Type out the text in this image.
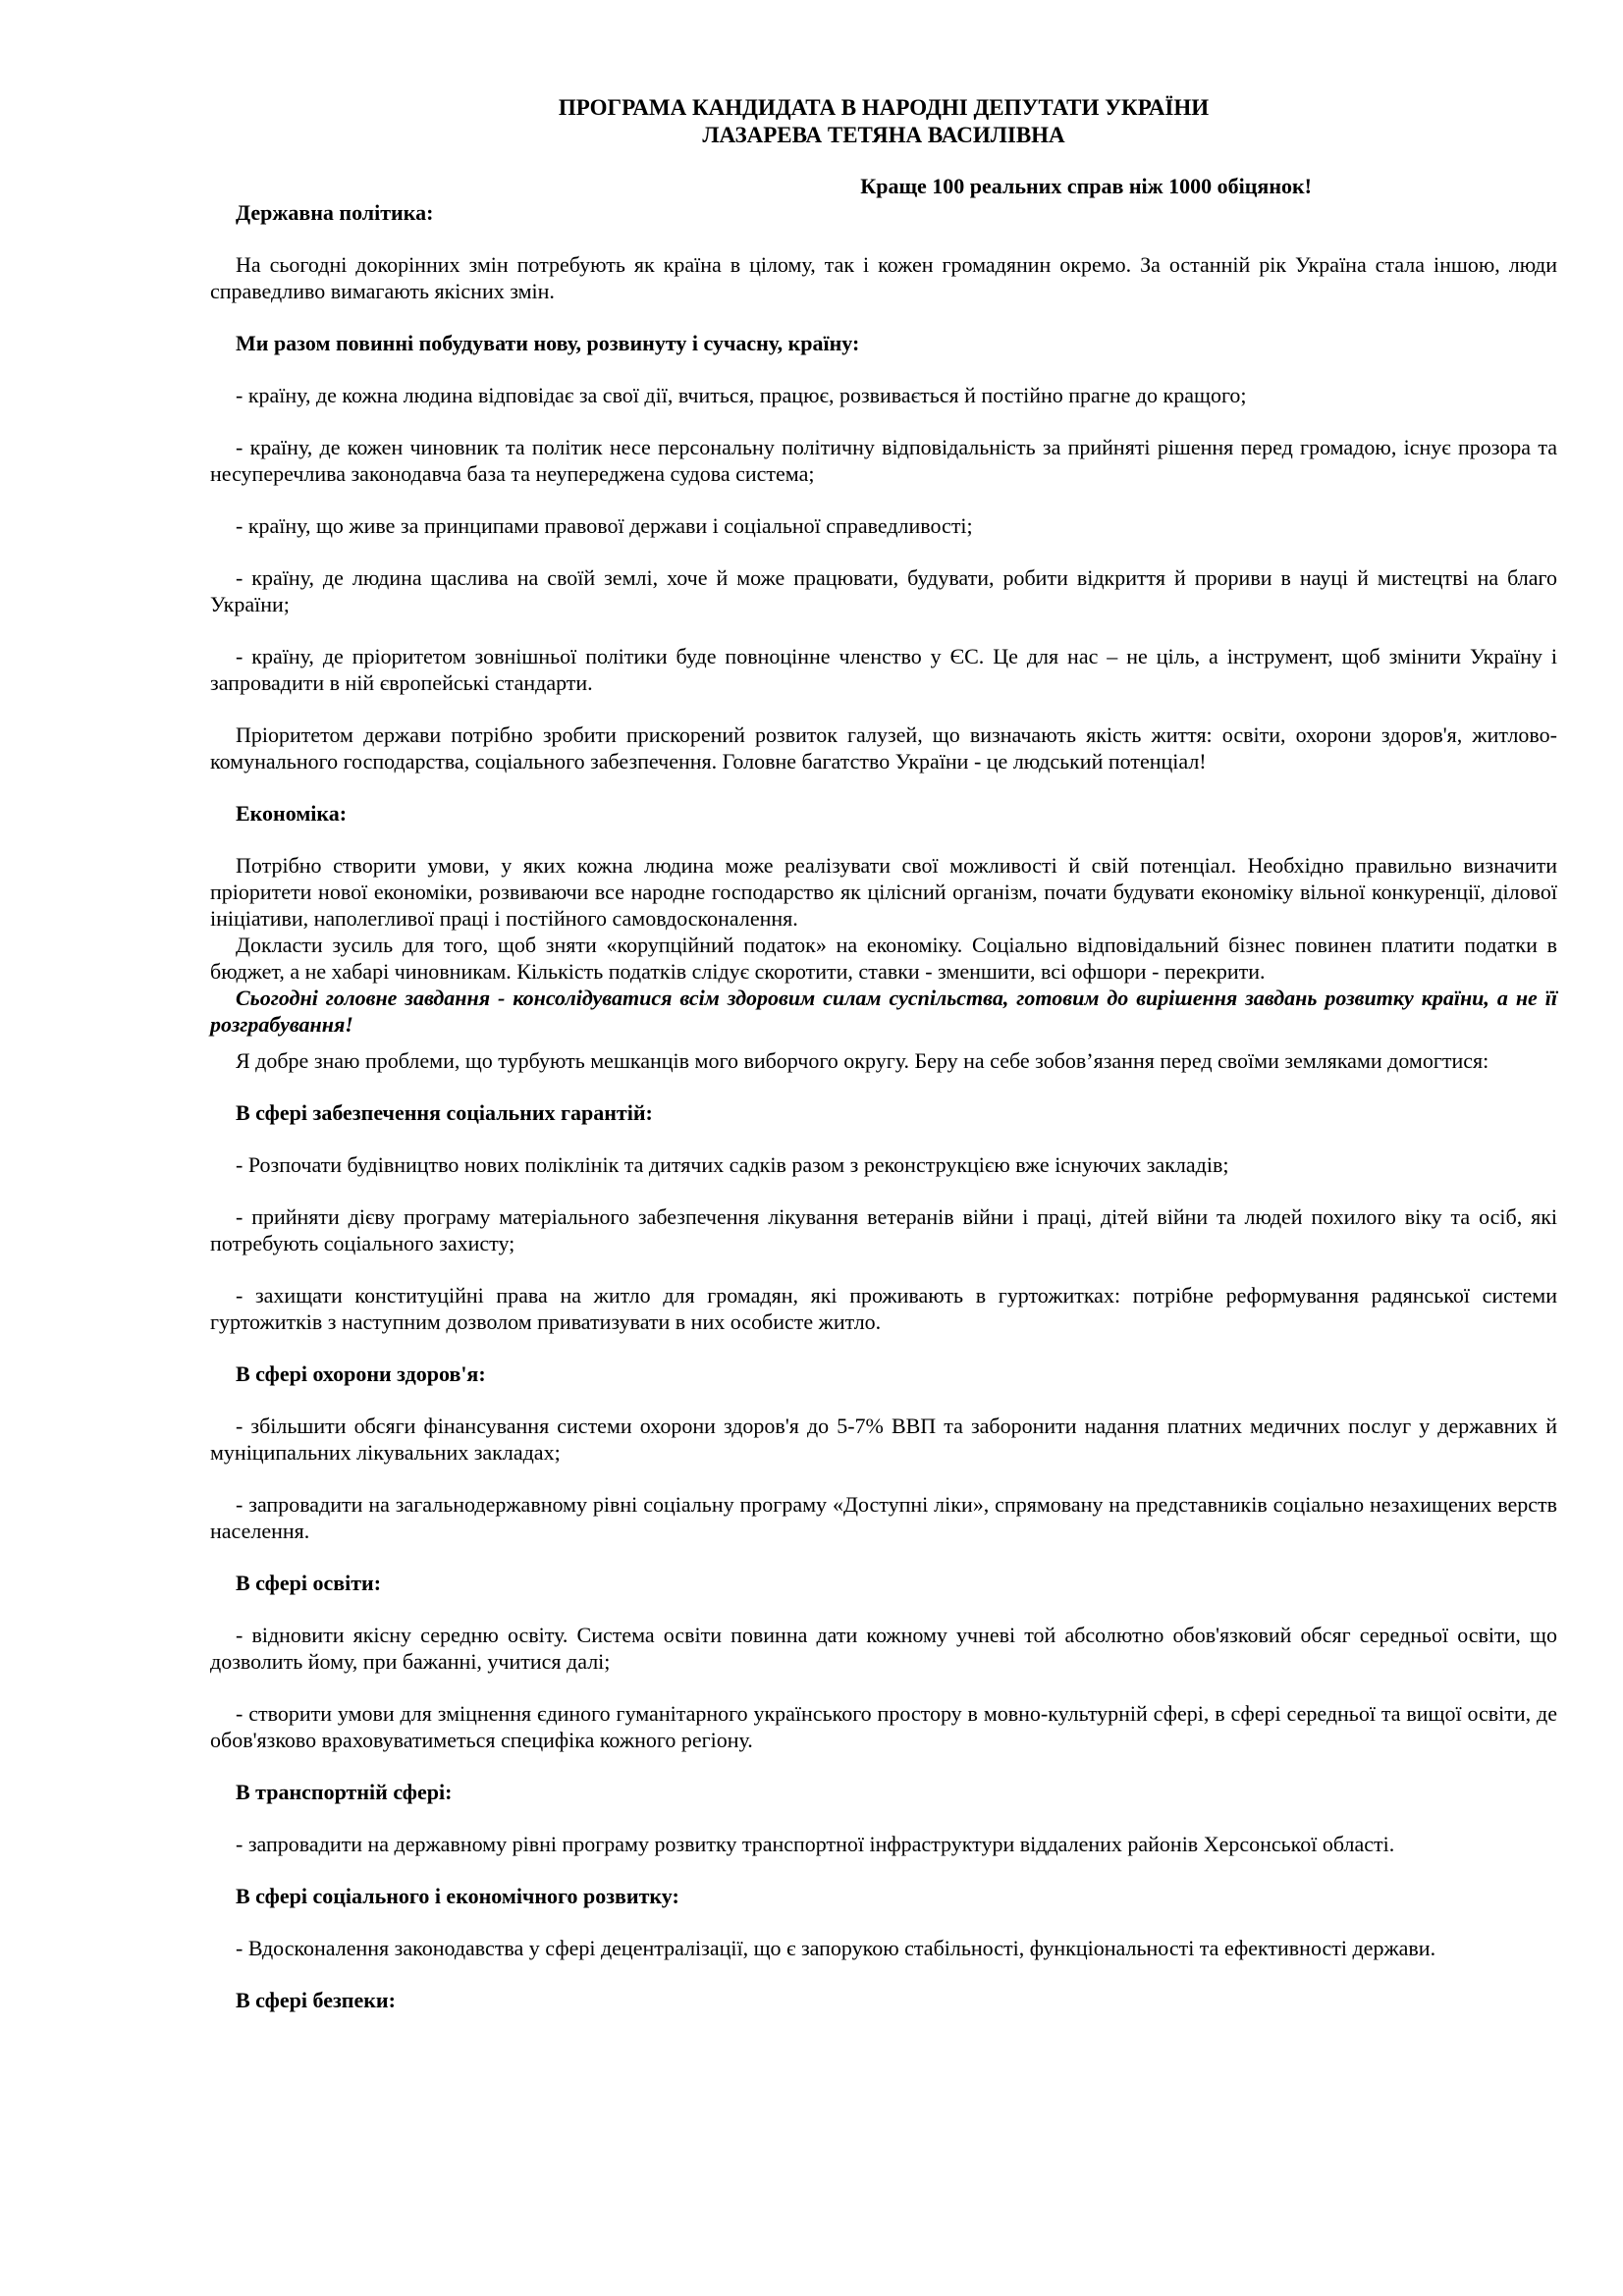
ПРОГРАМА КАНДИДАТА В НАРОДНІ ДЕПУТАТИ УКРАЇНИ

ЛАЗАРЕВА ТЕТЯНА ВАСИЛІВНА

Краще 100 реальних справ ніж 1000 обіцянок!

Державна політика:

На сьогодні докорінних змін потребують як країна в цілому, так і кожен громадянин окремо. За останній рік Україна стала іншою, люди справедливо вимагають якісних змін.

Ми разом повинні побудувати нову, розвинуту і сучасну, країну:

- країну, де кожна людина відповідає за свої дії, вчиться, працює, розвивається й постійно прагне до кращого;

- країну, де кожен чиновник та політик несе персональну політичну відповідальність за прийняті рішення перед громадою, існує прозора та несуперечлива законодавча база та неупереджена судова система;

- країну, що живе за принципами правової держави і соціальної справедливості;

- країну, де людина щаслива на своїй землі, хоче й може працювати, будувати, робити відкриття й прориви в науці й мистецтві на благо України;

- країну, де пріоритетом зовнішньої політики буде повноцінне членство у ЄС. Це для нас – не ціль, а інструмент, щоб змінити Україну і запровадити в ній європейські стандарти.

Пріоритетом держави потрібно зробити прискорений розвиток галузей, що визначають якість життя: освіти, охорони здоров'я, житлово-комунального господарства, соціального забезпечення. Головне багатство України - це людський потенціал!

Економіка:

Потрібно створити умови, у яких кожна людина може реалізувати свої можливості й свій потенціал. Необхідно правильно визначити пріоритети нової економіки, розвиваючи все народне господарство як цілісний організм, почати будувати економіку вільної конкуренції, ділової ініціативи, наполегливої праці і постійного самовдосконалення.

Докласти зусиль для того, щоб зняти «корупційний податок» на економіку. Соціально відповідальний бізнес повинен платити податки в бюджет, а не хабарі чиновникам. Кількість податків слідує скоротити, ставки - зменшити, всі офшори - перекрити.

Сьогодні головне завдання - консолідуватися всім здоровим силам суспільства, готовим до вирішення завдань розвитку країни, а не її розграбування!

Я добре знаю проблеми, що турбують мешканців мого виборчого округу. Беру на себе зобов’язання перед своїми земляками домогтися:

В сфері забезпечення соціальних гарантій:

- Розпочати будівництво нових поліклінік та дитячих садків разом з реконструкцією вже існуючих закладів;

- прийняти дієву програму матеріального забезпечення лікування ветеранів війни і праці, дітей війни та людей похилого віку та осіб, які потребують соціального захисту;

- захищати конституційні права на житло для громадян, які проживають в гуртожитках: потрібне реформування радянської системи гуртожитків з наступним дозволом приватизувати в них особисте житло.

В сфері охорони здоров'я:

- збільшити обсяги фінансування системи охорони здоров'я до 5-7% ВВП та заборонити надання платних медичних послуг у державних й муніципальних лікувальних закладах;

- запровадити на загальнодержавному рівні соціальну програму «Доступні ліки», спрямовану на представників соціально незахищених верств населення.

В сфері освіти:

- відновити якісну середню освіту. Система освіти повинна дати кожному учневі той абсолютно обов'язковий обсяг середньої освіти, що дозволить йому, при бажанні, учитися далі;

- створити умови для зміцнення єдиного гуманітарного українського простору в мовно-культурній сфері, в сфері середньої та вищої освіти, де обов'язково враховуватиметься специфіка кожного регіону.

В транспортній сфері:

- запровадити на державному рівні програму розвитку транспортної інфраструктури віддалених районів Херсонської області.

В сфері соціального і економічного розвитку:

- Вдосконалення законодавства у сфері децентралізації, що є запорукою стабільності, функціональності та ефективності держави.

В сфері безпеки:
